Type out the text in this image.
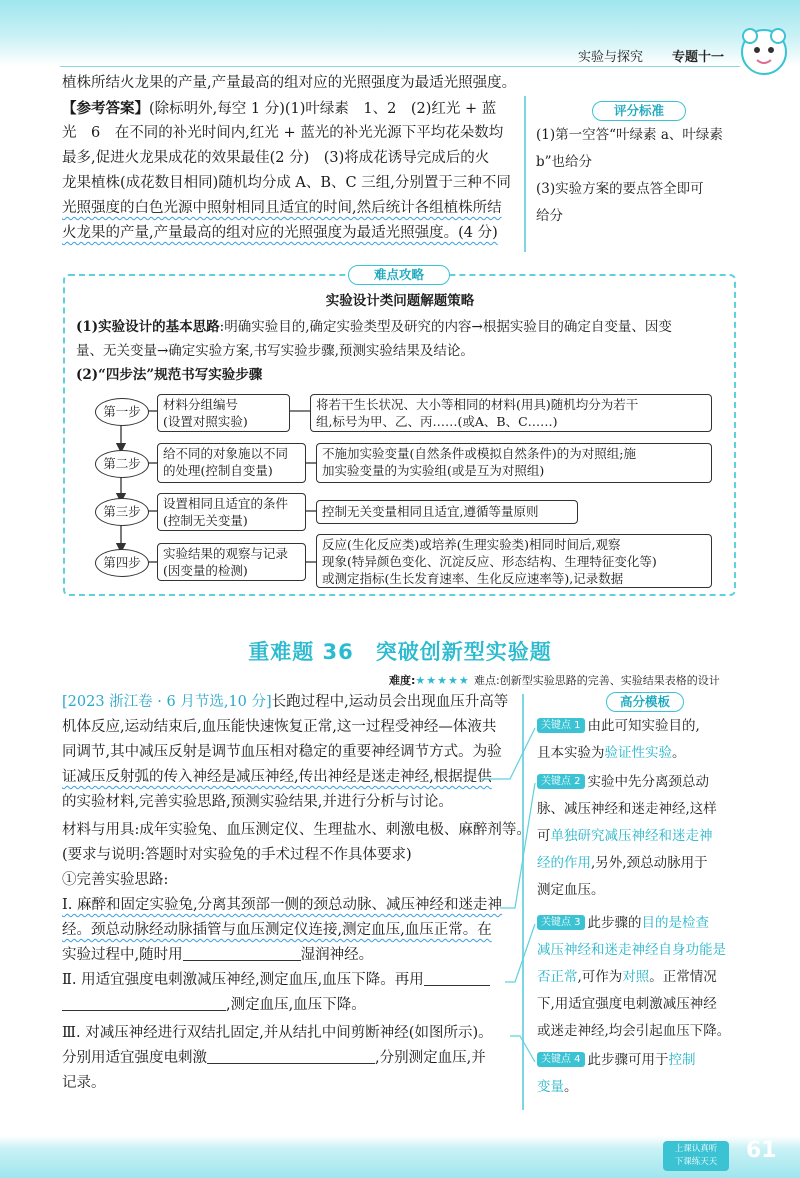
实验与探究 专题十一
植株所结火龙果的产量,产量最高的组对应的光照强度为最适光照强度。
【参考答案】(除标明外,每空 1 分)(1)叶绿素　1、2　(2)红光 + 蓝
光　6　在不同的补光时间内,红光 + 蓝光的补光光源下平均花朵数均
最多,促进火龙果成花的效果最佳(2 分)　(3)将成花诱导完成后的火
龙果植株(成花数目相同)随机均分成 A、B、C 三组,分别置于三种不同
光照强度的白色光源中照射相同且适宜的时间,然后统计各组植株所结
火龙果的产量,产量最高的组对应的光照强度为最适光照强度。(4 分)
评分标准
(1)第一空答“叶绿素 a、叶绿素
b”也给分
(3)实验方案的要点答全即可
给分
难点攻略
实验设计类问题解题策略
(1)实验设计的基本思路:明确实验目的,确定实验类型及研究的内容→根据实验目的确定自变量、因变
量、无关变量→确定实验方案,书写实验步骤,预测实验结果及结论。
(2)“四步法”规范书写实验步骤
第一步	材料分组编号
(设置对照实验)
将若干生长状况、大小等相同的材料(用具)随机均分为若干
组,标号为甲、乙、丙……(或A、B、C……)
第二步
给不同的对象施以不同
的处理(控制自变量)
不施加实验变量(自然条件或模拟自然条件)的为对照组;施
加实验变量的为实验组(或是互为对照组)
第三步
设置相同且适宜的条件
(控制无关变量)
控制无关变量相同且适宜,遵循等量原则
第四步
实验结果的观察与记录
(因变量的检测)
反应(生化反应类)或培养(生理实验类)相同时间后,观察
现象(特异颜色变化、沉淀反应、形态结构、生理特征变化等)
或测定指标(生长发育速率、生化反应速率等),记录数据
重难题 36　突破创新型实验题
难度:★★★★★ 难点:创新型实验思路的完善、实验结果表格的设计
[2023 浙江卷 · 6 月节选,10 分]长跑过程中,运动员会出现血压升高等
机体反应,运动结束后,血压能快速恢复正常,这一过程受神经—体液共
同调节,其中减压反射是调节血压相对稳定的重要神经调节方式。为验
证减压反射弧的传入神经是减压神经,传出神经是迷走神经,根据提供
的实验材料,完善实验思路,预测实验结果,并进行分析与讨论。
材料与用具:成年实验兔、血压测定仪、生理盐水、刺激电极、麻醉剂等。
(要求与说明:答题时对实验兔的手术过程不作具体要求)
①完善实验思路:
Ⅰ. 麻醉和固定实验兔,分离其颈部一侧的颈总动脉、减压神经和迷走神
经。颈总动脉经动脉插管与血压测定仪连接,测定血压,血压正常。在
实验过程中,随时用	湿润神经。
Ⅱ. 用适宜强度电刺激减压神经,测定血压,血压下降。再用
,测定血压,血压下降。
Ⅲ. 对减压神经进行双结扎固定,并从结扎中间剪断神经(如图所示)。
分别用适宜强度电刺激	,分别测定血压,并
记录。
高分模板
关键点 1 由此可知实验目的,
且本实验为验证性实验。
关键点 2 实验中先分离颈总动
脉、减压神经和迷走神经,这样
可单独研究减压神经和迷走神
经的作用,另外,颈总动脉用于
测定血压。
关键点 3 此步骤的目的是检查
减压神经和迷走神经自身功能是
否正常,可作为对照。正常情况
下,用适宜强度电刺激减压神经
或迷走神经,均会引起血压下降。
关键点 4 此步骤可用于控制
变量。
上课认真听
下课练天天	61
